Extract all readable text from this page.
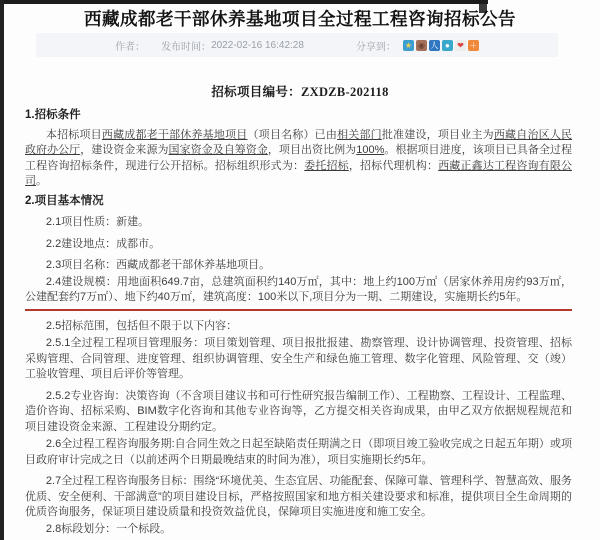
西藏成都老干部休养基地项目全过程工程咨询招标公告
作者： 发布时间： 2022-02-16 16:42:28	分享到： ★ ◉ 人 ● ❤ ＋
招标项目编号：ZXDZB-202118

1.招标条件

本招标项目西藏成都老干部休养基地项目（项目名称）已由相关部门批准建设，项目业主为西藏自治区人民政府办公厅，建设资金来源为国家资金及自筹资金，项目出资比例为100%。根据项目进度，该项目已具备全过程工程咨询招标条件，现进行公开招标。招标组织形式为：委托招标，招标代理机构：西藏正鑫达工程咨询有限公司。

2.项目基本情况

2.1项目性质：新建。

2.2建设地点：成都市。

2.3项目名称：西藏成都老干部休养基地项目。

2.4建设规模：用地面积649.7亩，总建筑面积约140万㎡，其中：地上约100万㎡（居家休养用房约93万㎡，公建配套约7万㎡）、地下约40万㎡，建筑高度：100米以下,项目分为一期、二期建设，实施期长约5年。

2.5招标范围，包括但不限于以下内容：

2.5.1全过程工程项目管理服务：项目策划管理、项目报批报建、勘察管理、设计协调管理、投资管理、招标采购管理、合同管理、进度管理、组织协调管理、安全生产和绿色施工管理、数字化管理、风险管理、交（竣）工验收管理、项目后评价等管理。

2.5.2专业咨询：决策咨询（不含项目建议书和可行性研究报告编制工作）、工程勘察、工程设计、工程监理、造价咨询、招标采购、BIM数字化咨询和其他专业咨询等，乙方提交相关咨询成果，由甲乙双方依据规程规范和项目建设资金来源、工程建设分期约定。

2.6全过程工程咨询服务期:自合同生效之日起至缺陷责任期满之日（即项目竣工验收完成之日起五年期）或项目政府审计完成之日（以前述两个日期最晚结束的时间为准），项目实施期长约5年。

2.7全过程工程咨询服务目标：围绕“环境优美、生态宜居、功能配套、保障可靠、管理科学、智慧高效、服务优质、安全便利、干部满意”的项目建设目标，严格按照国家和地方相关建设要求和标准，提供项目全生命周期的优质咨询服务，保证项目建设质量和投资效益优良，保障项目实施进度和施工安全。

2.8标段划分：一个标段。
